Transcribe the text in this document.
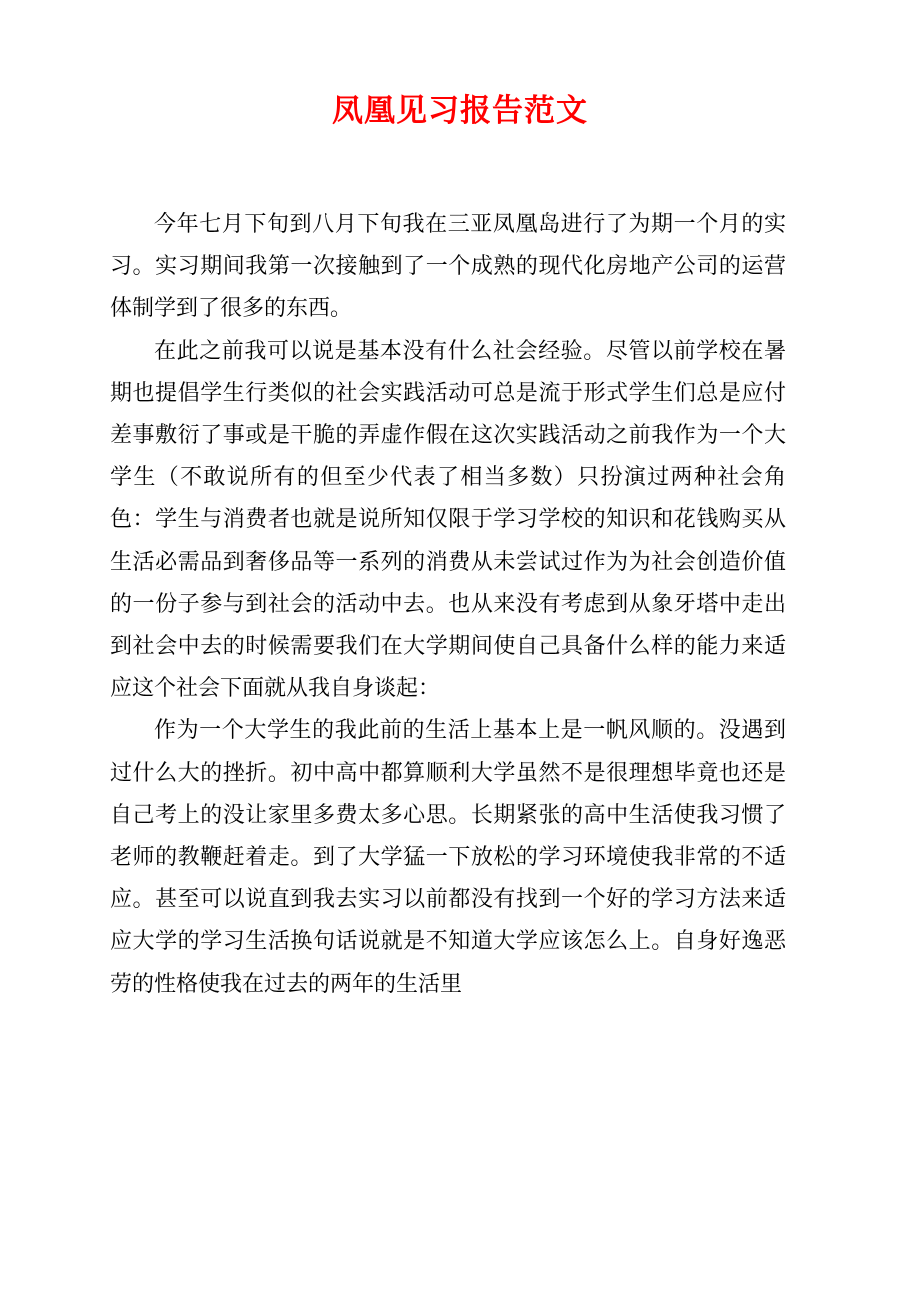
凤凰见习报告范文

今年七月下旬到八月下旬我在三亚凤凰岛进行了为期一个月的实习。实习期间我第一次接触到了一个成熟的现代化房地产公司的运营体制学到了很多的东西。

在此之前我可以说是基本没有什么社会经验。尽管以前学校在暑期也提倡学生行类似的社会实践活动可总是流于形式学生们总是应付差事敷衍了事或是干脆的弄虚作假在这次实践活动之前我作为一个大学生（不敢说所有的但至少代表了相当多数）只扮演过两种社会角色：学生与消费者也就是说所知仅限于学习学校的知识和花钱购买从生活必需品到奢侈品等一系列的消费从未尝试过作为为社会创造价值的一份子参与到社会的活动中去。也从来没有考虑到从象牙塔中走出到社会中去的时候需要我们在大学期间使自己具备什么样的能力来适应这个社会下面就从我自身谈起：

作为一个大学生的我此前的生活上基本上是一帆风顺的。没遇到过什么大的挫折。初中高中都算顺利大学虽然不是很理想毕竟也还是自己考上的没让家里多费太多心思。长期紧张的高中生活使我习惯了老师的教鞭赶着走。到了大学猛一下放松的学习环境使我非常的不适应。甚至可以说直到我去实习以前都没有找到一个好的学习方法来适应大学的学习生活换句话说就是不知道大学应该怎么上。自身好逸恶劳的性格使我在过去的两年的生活里
